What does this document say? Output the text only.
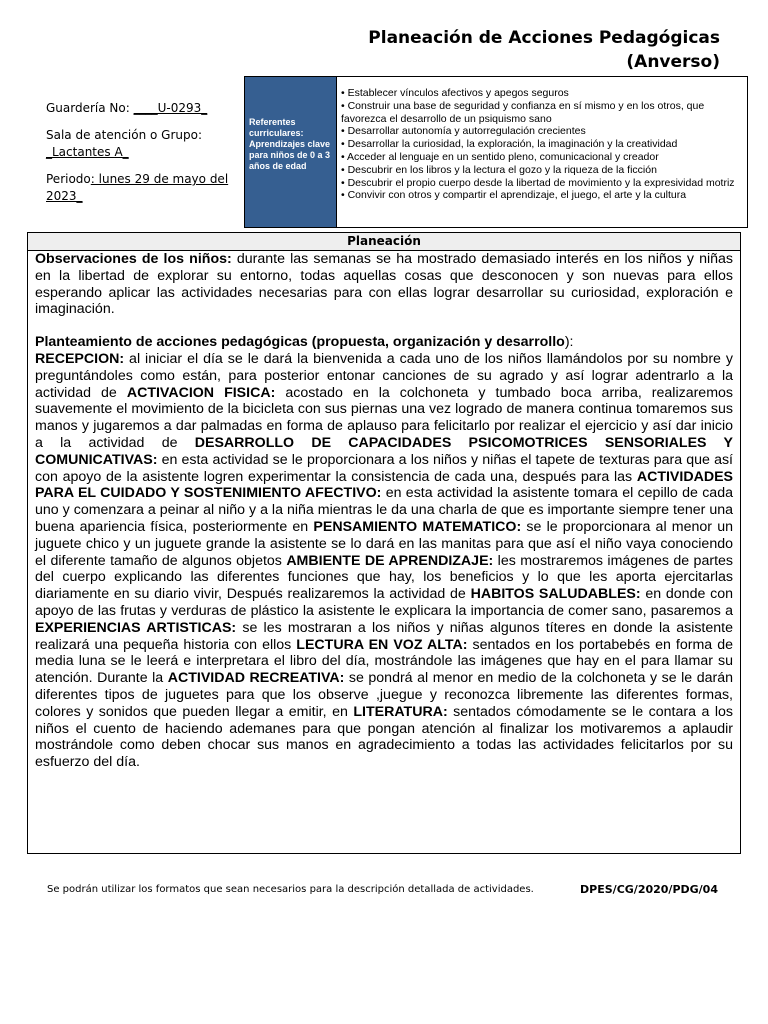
Planeación de Acciones Pedagógicas
(Anverso)
Guardería No: ____U-0293_
Sala de atención o Grupo:
_Lactantes A_
Periodo: lunes 29 de mayo del 2023_
Referentes curriculares: Aprendizajes clave para niños de 0 a 3 años de edad
• Establecer vínculos afectivos y apegos seguros
• Construir una base de seguridad y confianza en sí mismo y en los otros, que favorezca el desarrollo de un psiquismo sano
• Desarrollar autonomía y autorregulación crecientes
• Desarrollar la curiosidad, la exploración, la imaginación y la creatividad
• Acceder al lenguaje en un sentido pleno, comunicacional y creador
• Descubrir en los libros y la lectura el gozo y la riqueza de la ficción
• Descubrir el propio cuerpo desde la libertad de movimiento y la expresividad motriz
• Convivir con otros y compartir el aprendizaje, el juego, el arte y la cultura
Planeación

Observaciones de los niños: durante las semanas se ha mostrado demasiado interés en los niños y niñas en la libertad de explorar su entorno, todas aquellas cosas que desconocen y son nuevas para ellos esperando aplicar las actividades necesarias para con ellas lograr desarrollar su curiosidad, exploración e imaginación.

Planteamiento de acciones pedagógicas (propuesta, organización y desarrollo):
RECEPCION: al iniciar el día se le dará la bienvenida a cada uno de los niños llamándolos por su nombre y preguntándoles como están, para posterior entonar canciones de su agrado y así lograr adentrarlo a la actividad de ACTIVACION FISICA: acostado en la colchoneta y tumbado boca arriba, realizaremos suavemente el movimiento de la bicicleta con sus piernas una vez logrado de manera continua tomaremos sus manos y jugaremos a dar palmadas en forma de aplauso para felicitarlo por realizar el ejercicio y así dar inicio a la actividad de DESARROLLO DE CAPACIDADES PSICOMOTRICES SENSORIALES Y COMUNICATIVAS: en esta actividad se le proporcionara a los niños y niñas el tapete de texturas para que así con apoyo de la asistente logren experimentar la consistencia de cada una, después para las ACTIVIDADES PARA EL CUIDADO Y SOSTENIMIENTO AFECTIVO: en esta actividad la asistente tomara el cepillo de cada uno y comenzara a peinar al niño y a la niña mientras le da una charla de que es importante siempre tener una buena apariencia física, posteriormente en PENSAMIENTO MATEMATICO: se le proporcionara al menor un juguete chico y un juguete grande la asistente se lo dará en las manitas para que así el niño vaya conociendo el diferente tamaño de algunos objetos AMBIENTE DE APRENDIZAJE: les mostraremos imágenes de partes del cuerpo explicando las diferentes funciones que hay, los beneficios y lo que les aporta ejercitarlas diariamente en su diario vivir, Después realizaremos la actividad de HABITOS SALUDABLES: en donde con apoyo de las frutas y verduras de plástico la asistente le explicara la importancia de comer sano, pasaremos a EXPERIENCIAS ARTISTICAS: se les mostraran a los niños y niñas algunos títeres en donde la asistente realizará una pequeña historia con ellos LECTURA EN VOZ ALTA: sentados en los portabebés en forma de media luna se le leerá e interpretara el libro del día, mostrándole las imágenes que hay en el para llamar su atención. Durante la ACTIVIDAD RECREATIVA: se pondrá al menor en medio de la colchoneta y se le darán diferentes tipos de juguetes para que los observe ,juegue y reconozca libremente las diferentes formas, colores y sonidos que pueden llegar a emitir, en LITERATURA: sentados cómodamente se le contara a los niños el cuento de haciendo ademanes para que pongan atención al finalizar los motivaremos a aplaudir mostrándole como deben chocar sus manos en agradecimiento a todas las actividades felicitarlos por su esfuerzo del día.

Se podrán utilizar los formatos que sean necesarios para la descripción detallada de actividades.	DPES/CG/2020/PDG/04
